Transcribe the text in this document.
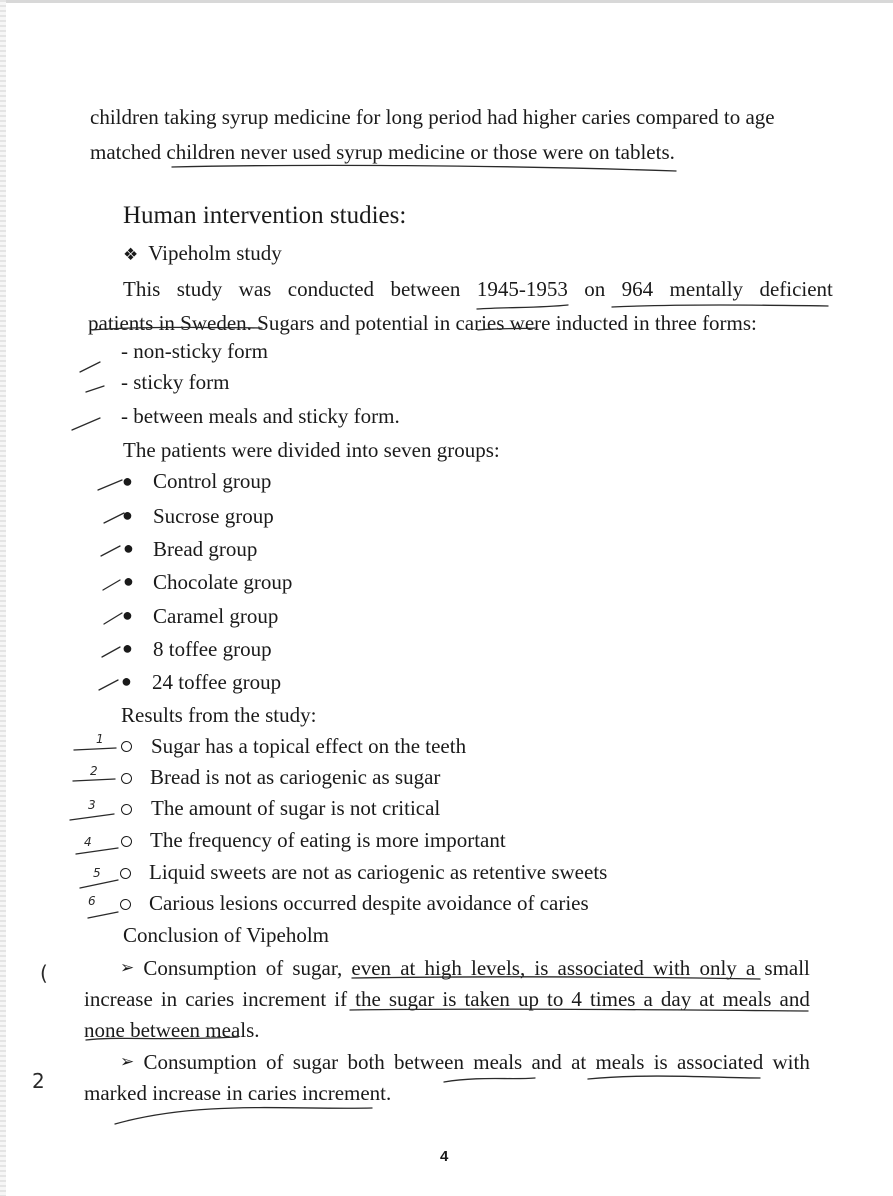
children taking syrup medicine for long period had higher caries compared to age
matched children never used syrup medicine or those were on tablets.
Human intervention studies:
❖ Vipeholm study
This study was conducted between 1945-1953 on 964 mentally deficient
patients in Sweden. Sugars and potential in caries were inducted in three forms:
- non-sticky form
- sticky form
- between meals and sticky form.
The patients were divided into seven groups:
● Control group
● Sucrose group
● Bread group
● Chocolate group
● Caramel group
● 8 toffee group
● 24 toffee group
Results from the study:
Sugar has a topical effect on the teeth
Bread is not as cariogenic as sugar
The amount of sugar is not critical
The frequency of eating is more important
Liquid sweets are not as cariogenic as retentive sweets
Carious lesions occurred despite avoidance of caries
Conclusion of Vipeholm
➢ Consumption of sugar, even at high levels, is associated with only a small
increase in caries increment if the sugar is taken up to 4 times a day at meals and
none between meals.
➢ Consumption of sugar both between meals and at meals is associated with
marked increase in caries increment.
1
2
3
4
5
6
(
2
4
